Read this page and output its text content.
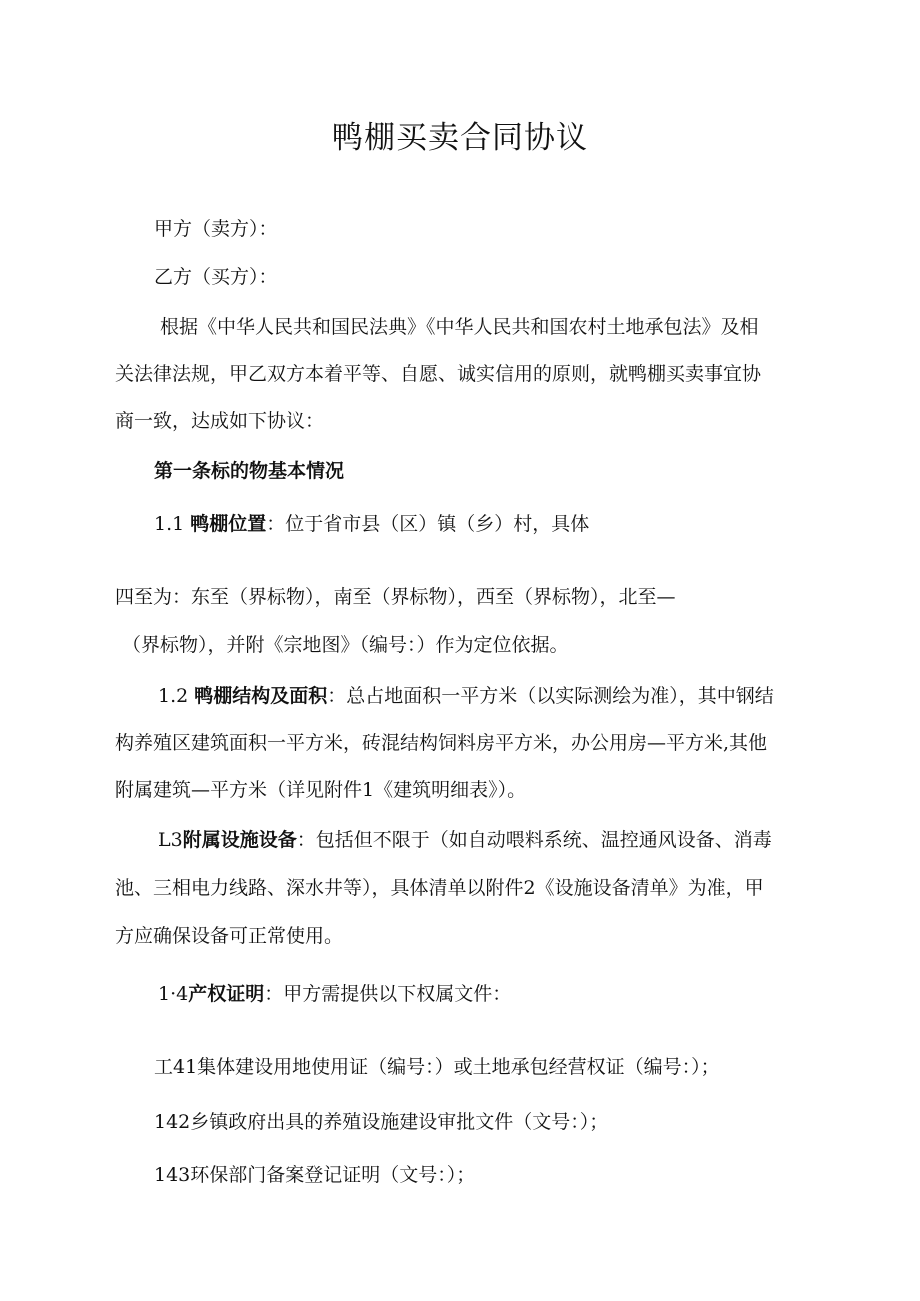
鸭棚买卖合同协议
甲方（卖方）：
乙方（买方）：
根据《中华人民共和国民法典》《中华人民共和国农村土地承包法》及相
关法律法规，甲乙双方本着平等、自愿、诚实信用的原则，就鸭棚买卖事宜协
商一致，达成如下协议：
第一条标的物基本情况
1.1 鸭棚位置：位于省市县（区）镇（乡）村，具体
四至为：东至（界标物），南至（界标物），西至（界标物），北至—
（界标物），并附《宗地图》（编号：）作为定位依据。
1.2 鸭棚结构及面积：总占地面积一平方米（以实际测绘为准），其中钢结
构养殖区建筑面积一平方米，砖混结构饲料房平方米，办公用房—平方米,其他
附属建筑—平方米（详见附件1《建筑明细表》）。
L3附属设施设备：包括但不限于（如自动喂料系统、温控通风设备、消毒
池、三相电力线路、深水井等），具体清单以附件2《设施设备清单》为准，甲
方应确保设备可正常使用。
1·4产权证明：甲方需提供以下权属文件：
工41集体建设用地使用证（编号：）或土地承包经营权证（编号：）；
142乡镇政府出具的养殖设施建设审批文件（文号：）；
143环保部门备案登记证明（文号：）；
